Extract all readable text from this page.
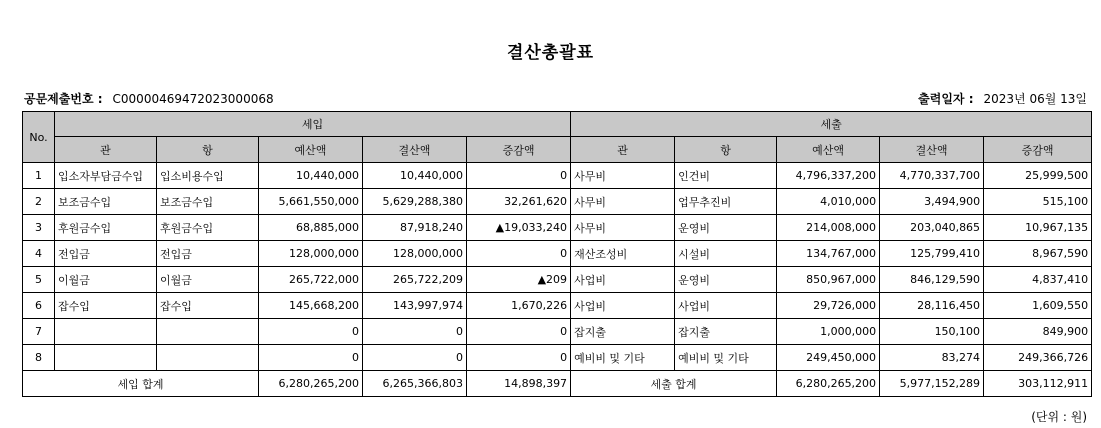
결산총괄표
공문제출번호 : C0000046947202300006​8	출력일자 : 2023년 06월 13일
No.	세입					세출				
	관	항	예산액	결산액	증감액	관	항	예산액	결산액	증감액
1	입소자부담금수입	입소비용수입	10,440,000	10,440,000	0	사무비	인건비	4,796,337,200	4,770,337,700	25,999,500
2	보조금수입	보조금수입	5,661,550,000	5,629,288,380	32,261,620	사무비	업무추진비	4,010,000	3,494,900	515,100
3	후원금수입	후원금수입	68,885,000	87,918,240	▲19,033,240	사무비	운영비	214,008,000	203,040,865	10,967,135
4	전입금	전입금	128,000,000	128,000,000	0	재산조성비	시설비	134,767,000	125,799,410	8,967,590
5	이월금	이월금	265,722,000	265,722,209	▲209	사업비	운영비	850,967,000	846,129,590	4,837,410
6	잡수입	잡수입	145,668,200	143,997,974	1,670,226	사업비	사업비	29,726,000	28,116,450	1,609,550
7			0	0	0	잡지출	잡지출	1,000,000	150,100	849,900
8			0	0	0	예비비 및 기타	예비비 및 기타	249,450,000	83,274	249,366,726
세입 합계			6,280,265,200	6,265,366,803	14,898,397	세출 합계		6,280,265,200	5,977,152,289	303,112,911
(단위 : 원)
